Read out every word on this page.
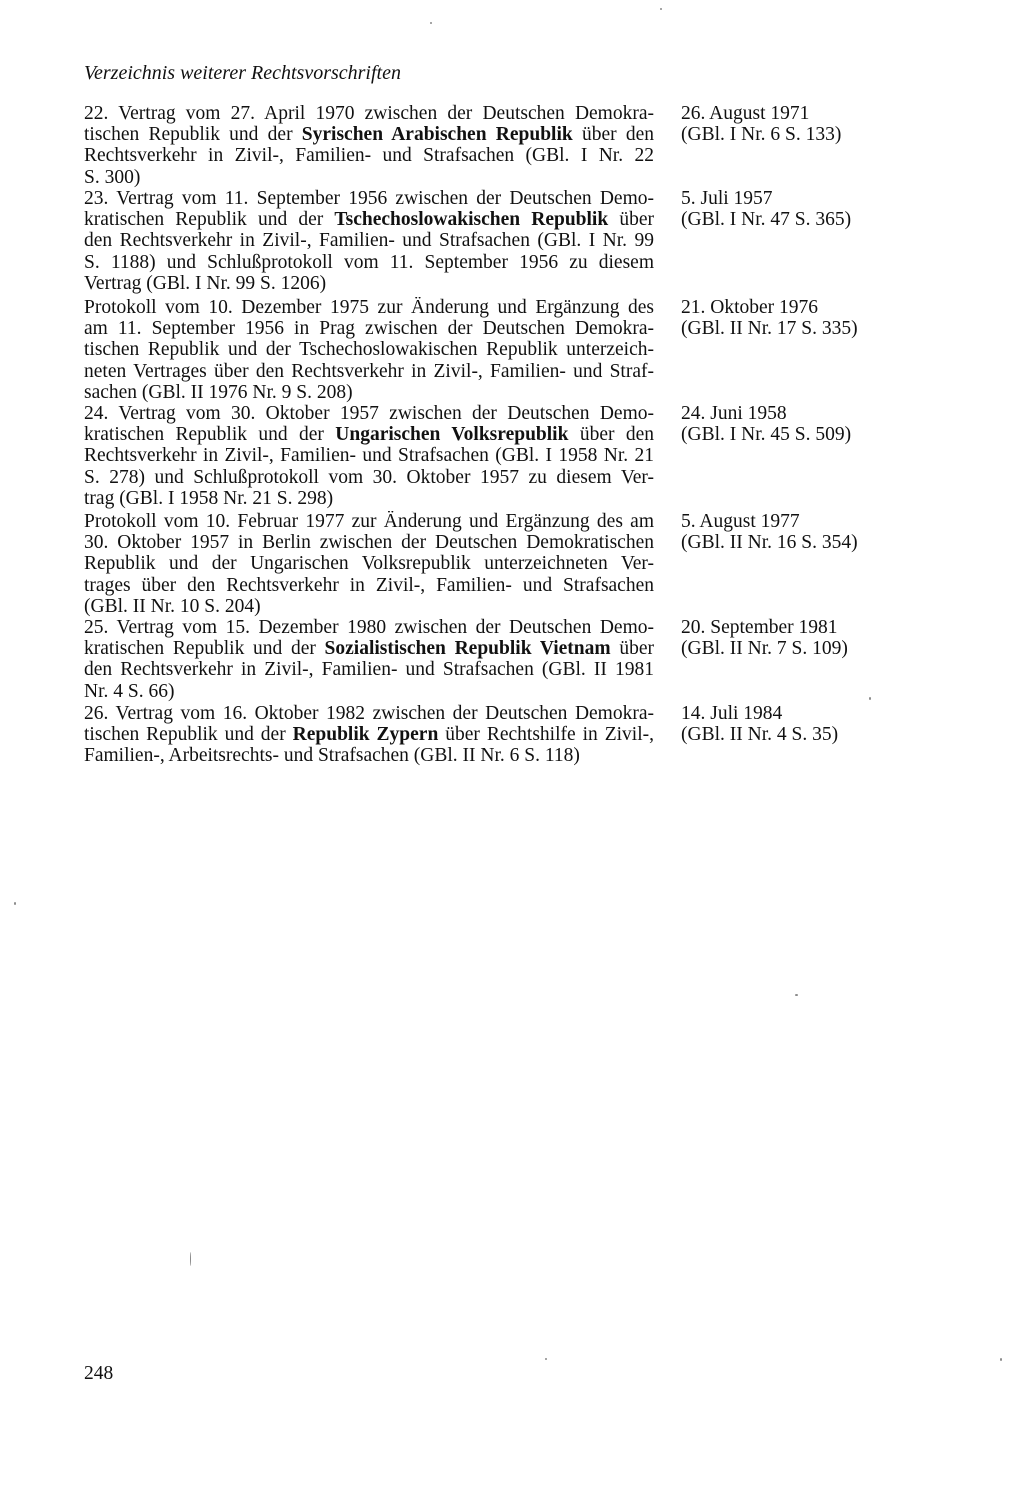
Verzeichnis weiterer Rechtsvorschriften
22. Vertrag vom 27. April 1970 zwischen der Deutschen Demokra-
tischen Republik und der Syrischen Arabischen Republik über den
Rechtsverkehr in Zivil-, Familien- und Strafsachen (GBl. I Nr. 22
S. 300)
26. August 1971
(GBl. I Nr. 6 S. 133)
23. Vertrag vom 11. September 1956 zwischen der Deutschen Demo-
kratischen Republik und der Tschechoslowakischen Republik über
den Rechtsverkehr in Zivil-, Familien- und Strafsachen (GBl. I Nr. 99
S. 1188) und Schlußprotokoll vom 11. September 1956 zu diesem
Vertrag (GBl. I Nr. 99 S. 1206)
5. Juli 1957
(GBl. I Nr. 47 S. 365)
Protokoll vom 10. Dezember 1975 zur Änderung und Ergänzung des
am 11. September 1956 in Prag zwischen der Deutschen Demokra-
tischen Republik und der Tschechoslowakischen Republik unterzeich-
neten Vertrages über den Rechtsverkehr in Zivil-, Familien- und Straf-
sachen (GBl. II 1976 Nr. 9 S. 208)
21. Oktober 1976
(GBl. II Nr. 17 S. 335)
24. Vertrag vom 30. Oktober 1957 zwischen der Deutschen Demo-
kratischen Republik und der Ungarischen Volksrepublik über den
Rechtsverkehr in Zivil-, Familien- und Strafsachen (GBl. I 1958 Nr. 21
S. 278) und Schlußprotokoll vom 30. Oktober 1957 zu diesem Ver-
trag (GBl. I 1958 Nr. 21 S. 298)
24. Juni 1958
(GBl. I Nr. 45 S. 509)
Protokoll vom 10. Februar 1977 zur Änderung und Ergänzung des am
30. Oktober 1957 in Berlin zwischen der Deutschen Demokratischen
Republik und der Ungarischen Volksrepublik unterzeichneten Ver-
trages über den Rechtsverkehr in Zivil-, Familien- und Strafsachen
(GBl. II Nr. 10 S. 204)
5. August 1977
(GBl. II Nr. 16 S. 354)
25. Vertrag vom 15. Dezember 1980 zwischen der Deutschen Demo-
kratischen Republik und der Sozialistischen Republik Vietnam über
den Rechtsverkehr in Zivil-, Familien- und Strafsachen (GBl. II 1981
Nr. 4 S. 66)
20. September 1981
(GBl. II Nr. 7 S. 109)
26. Vertrag vom 16. Oktober 1982 zwischen der Deutschen Demokra-
tischen Republik und der Republik Zypern über Rechtshilfe in Zivil-,
Familien-, Arbeitsrechts- und Strafsachen (GBl. II Nr. 6 S. 118)
14. Juli 1984
(GBl. II Nr. 4 S. 35)
248
